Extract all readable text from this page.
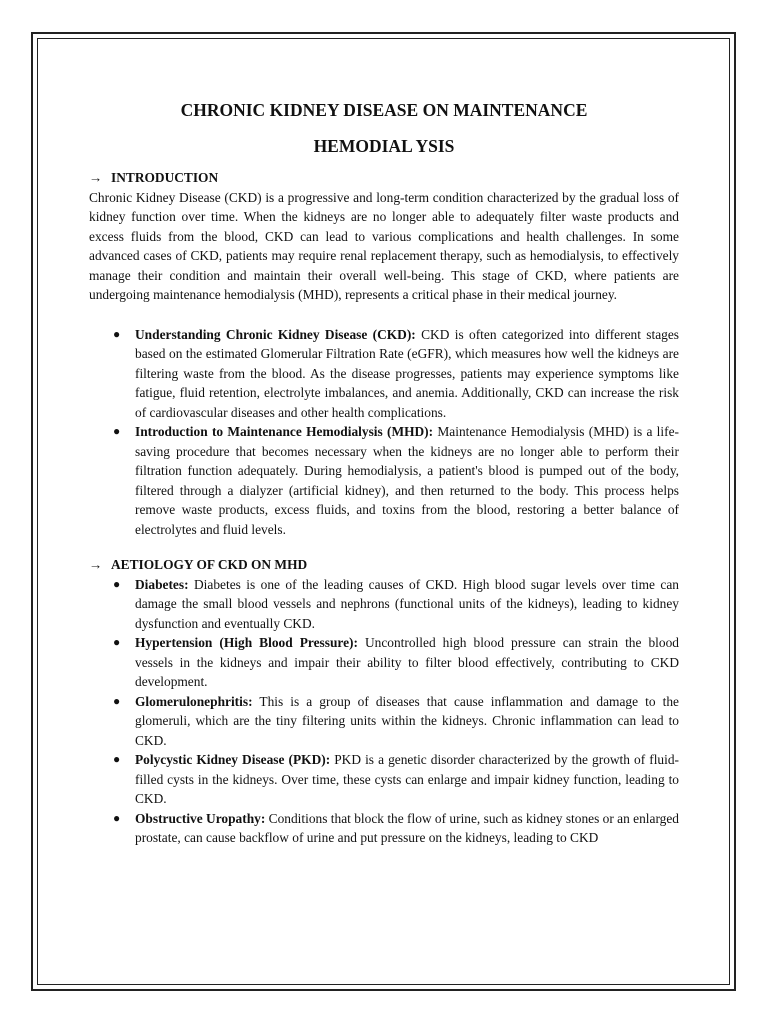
CHRONIC KIDNEY DISEASE ON MAINTENANCE
HEMODIAL YSIS
→ INTRODUCTION

Chronic Kidney Disease (CKD) is a progressive and long-term condition characterized by the gradual loss of kidney function over time. When the kidneys are no longer able to adequately filter waste products and excess fluids from the blood, CKD can lead to various complications and health challenges. In some advanced cases of CKD, patients may require renal replacement therapy, such as hemodialysis, to effectively manage their condition and maintain their overall well-being. This stage of CKD, where patients are undergoing maintenance hemodialysis (MHD), represents a critical phase in their medical journey.

● Understanding Chronic Kidney Disease (CKD): CKD is often categorized into different stages based on the estimated Glomerular Filtration Rate (eGFR), which measures how well the kidneys are filtering waste from the blood. As the disease progresses, patients may experience symptoms like fatigue, fluid retention, electrolyte imbalances, and anemia. Additionally, CKD can increase the risk of cardiovascular diseases and other health complications.
● Introduction to Maintenance Hemodialysis (MHD): Maintenance Hemodialysis (MHD) is a life-saving procedure that becomes necessary when the kidneys are no longer able to perform their filtration function adequately. During hemodialysis, a patient's blood is pumped out of the body, filtered through a dialyzer (artificial kidney), and then returned to the body. This process helps remove waste products, excess fluids, and toxins from the blood, restoring a better balance of electrolytes and fluid levels.
→ AETIOLOGY OF CKD ON MHD
● Diabetes: Diabetes is one of the leading causes of CKD. High blood sugar levels over time can damage the small blood vessels and nephrons (functional units of the kidneys), leading to kidney dysfunction and eventually CKD.
● Hypertension (High Blood Pressure): Uncontrolled high blood pressure can strain the blood vessels in the kidneys and impair their ability to filter blood effectively, contributing to CKD development.
● Glomerulonephritis: This is a group of diseases that cause inflammation and damage to the glomeruli, which are the tiny filtering units within the kidneys. Chronic inflammation can lead to CKD.
● Polycystic Kidney Disease (PKD): PKD is a genetic disorder characterized by the growth of fluid-filled cysts in the kidneys. Over time, these cysts can enlarge and impair kidney function, leading to CKD.
● Obstructive Uropathy: Conditions that block the flow of urine, such as kidney stones or an enlarged prostate, can cause backflow of urine and put pressure on the kidneys, leading to CKD
